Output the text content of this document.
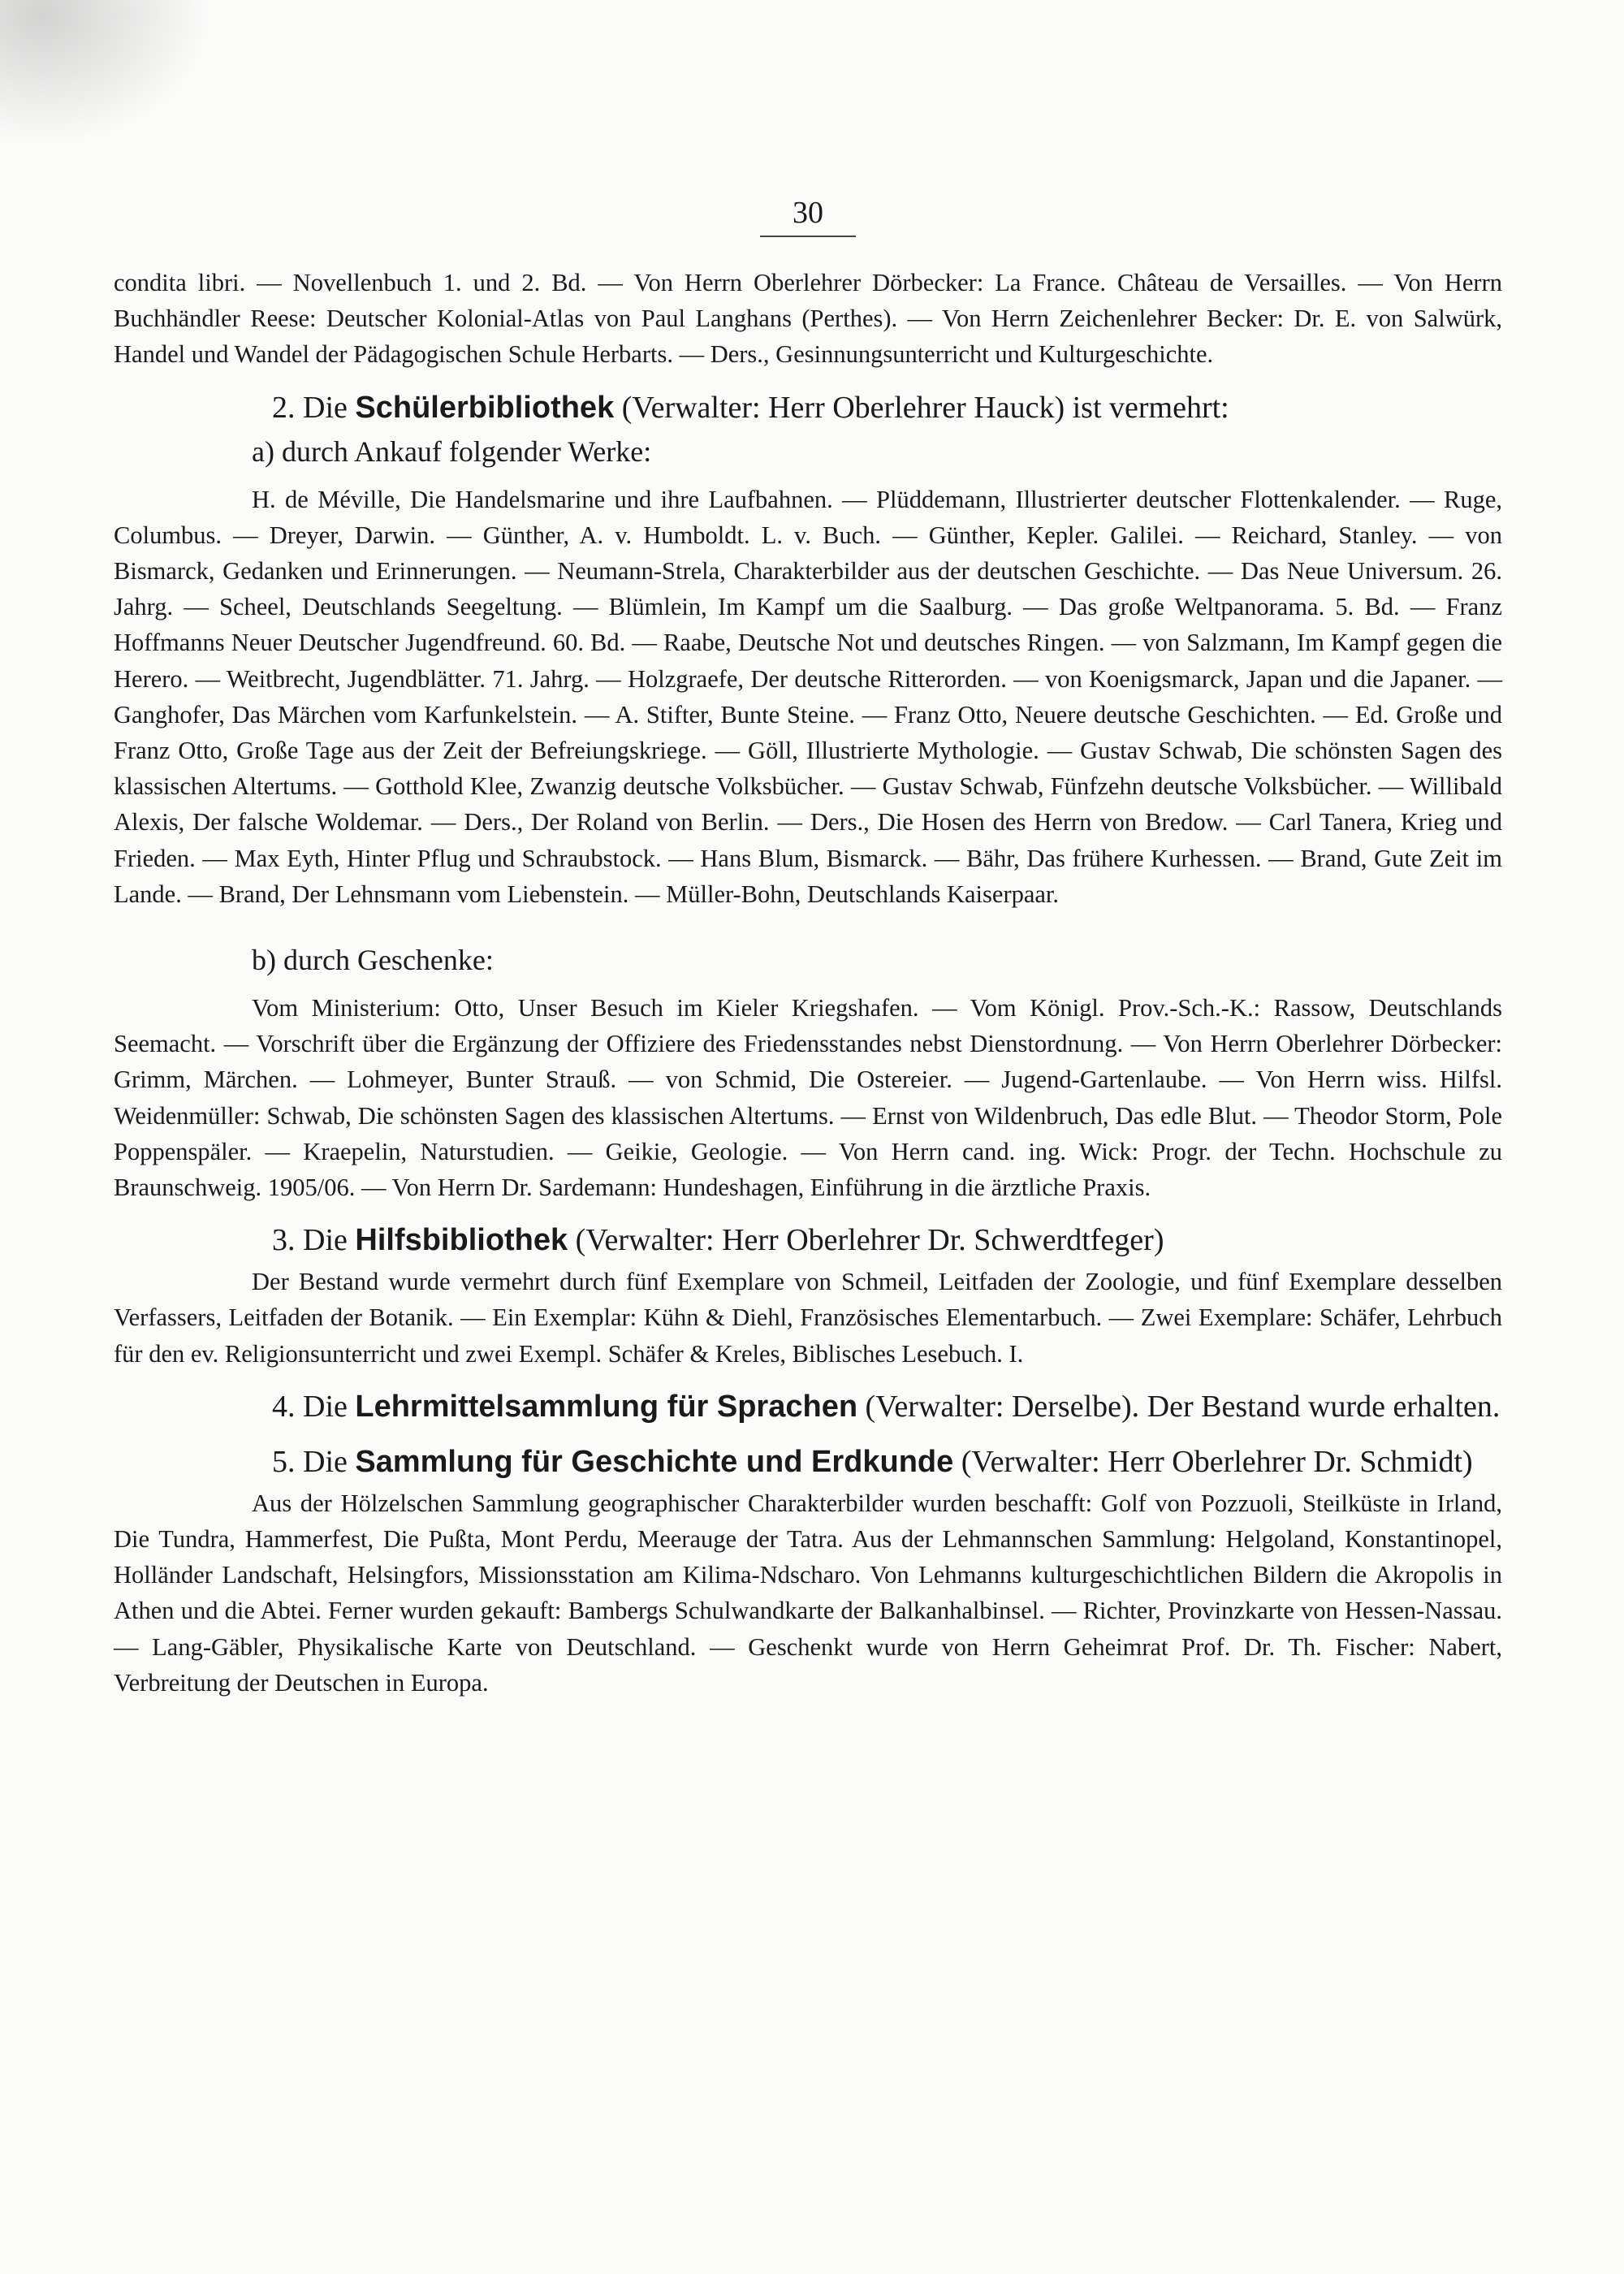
30

condita libri. — Novellenbuch 1. und 2. Bd. — Von Herrn Oberlehrer Dörbecker: La France. Château de Versailles. — Von Herrn Buchhändler Reese: Deutscher Kolonial-Atlas von Paul Langhans (Perthes). — Von Herrn Zeichenlehrer Becker: Dr. E. von Salwürk, Handel und Wandel der Pädagogischen Schule Herbarts. — Ders., Gesinnungsunterricht und Kulturgeschichte.

2. Die Schülerbibliothek (Verwalter: Herr Oberlehrer Hauck) ist vermehrt:
a) durch Ankauf folgender Werke:

H. de Méville, Die Handelsmarine und ihre Laufbahnen. — Plüddemann, Illustrierter deutscher Flottenkalender. — Ruge, Columbus. — Dreyer, Darwin. — Günther, A. v. Humboldt. L. v. Buch. — Günther, Kepler. Galilei. — Reichard, Stanley. — von Bismarck, Gedanken und Erinnerungen. — Neumann-Strela, Charakterbilder aus der deutschen Geschichte. — Das Neue Universum. 26. Jahrg. — Scheel, Deutschlands Seegeltung. — Blümlein, Im Kampf um die Saalburg. — Das große Weltpanorama. 5. Bd. — Franz Hoffmanns Neuer Deutscher Jugendfreund. 60. Bd. — Raabe, Deutsche Not und deutsches Ringen. — von Salzmann, Im Kampf gegen die Herero. — Weitbrecht, Jugendblätter. 71. Jahrg. — Holzgraefe, Der deutsche Ritterorden. — von Koenigsmarck, Japan und die Japaner. — Ganghofer, Das Märchen vom Karfunkelstein. — A. Stifter, Bunte Steine. — Franz Otto, Neuere deutsche Geschichten. — Ed. Große und Franz Otto, Große Tage aus der Zeit der Befreiungskriege. — Göll, Illustrierte Mythologie. — Gustav Schwab, Die schönsten Sagen des klassischen Altertums. — Gotthold Klee, Zwanzig deutsche Volksbücher. — Gustav Schwab, Fünfzehn deutsche Volksbücher. — Willibald Alexis, Der falsche Woldemar. — Ders., Der Roland von Berlin. — Ders., Die Hosen des Herrn von Bredow. — Carl Tanera, Krieg und Frieden. — Max Eyth, Hinter Pflug und Schraubstock. — Hans Blum, Bismarck. — Bähr, Das frühere Kurhessen. — Brand, Gute Zeit im Lande. — Brand, Der Lehnsmann vom Liebenstein. — Müller-Bohn, Deutschlands Kaiserpaar.

b) durch Geschenke:

Vom Ministerium: Otto, Unser Besuch im Kieler Kriegshafen. — Vom Königl. Prov.-Sch.-K.: Rassow, Deutschlands Seemacht. — Vorschrift über die Ergänzung der Offiziere des Friedensstandes nebst Dienstordnung. — Von Herrn Oberlehrer Dörbecker: Grimm, Märchen. — Lohmeyer, Bunter Strauß. — von Schmid, Die Ostereier. — Jugend-Gartenlaube. — Von Herrn wiss. Hilfsl. Weidenmüller: Schwab, Die schönsten Sagen des klassischen Altertums. — Ernst von Wildenbruch, Das edle Blut. — Theodor Storm, Pole Poppenspäler. — Kraepelin, Naturstudien. — Geikie, Geologie. — Von Herrn cand. ing. Wick: Progr. der Techn. Hochschule zu Braunschweig. 1905/06. — Von Herrn Dr. Sardemann: Hundeshagen, Einführung in die ärztliche Praxis.

3. Die Hilfsbibliothek (Verwalter: Herr Oberlehrer Dr. Schwerdtfeger)

Der Bestand wurde vermehrt durch fünf Exemplare von Schmeil, Leitfaden der Zoologie, und fünf Exemplare desselben Verfassers, Leitfaden der Botanik. — Ein Exemplar: Kühn & Diehl, Französisches Elementarbuch. — Zwei Exemplare: Schäfer, Lehrbuch für den ev. Religionsunterricht und zwei Exempl. Schäfer & Kreles, Biblisches Lesebuch. I.

4. Die Lehrmittelsammlung für Sprachen (Verwalter: Derselbe). Der Bestand wurde erhalten.
5. Die Sammlung für Geschichte und Erdkunde (Verwalter: Herr Oberlehrer Dr. Schmidt)

Aus der Hölzelschen Sammlung geographischer Charakterbilder wurden beschafft: Golf von Pozzuoli, Steilküste in Irland, Die Tundra, Hammerfest, Die Pußta, Mont Perdu, Meerauge der Tatra. Aus der Lehmannschen Sammlung: Helgoland, Konstantinopel, Holländer Landschaft, Helsingfors, Missionsstation am Kilima-Ndscharo. Von Lehmanns kulturgeschichtlichen Bildern die Akropolis in Athen und die Abtei. Ferner wurden gekauft: Bambergs Schulwandkarte der Balkanhalbinsel. — Richter, Provinzkarte von Hessen-Nassau. — Lang-Gäbler, Physikalische Karte von Deutschland. — Geschenkt wurde von Herrn Geheimrat Prof. Dr. Th. Fischer: Nabert, Verbreitung der Deutschen in Europa.
